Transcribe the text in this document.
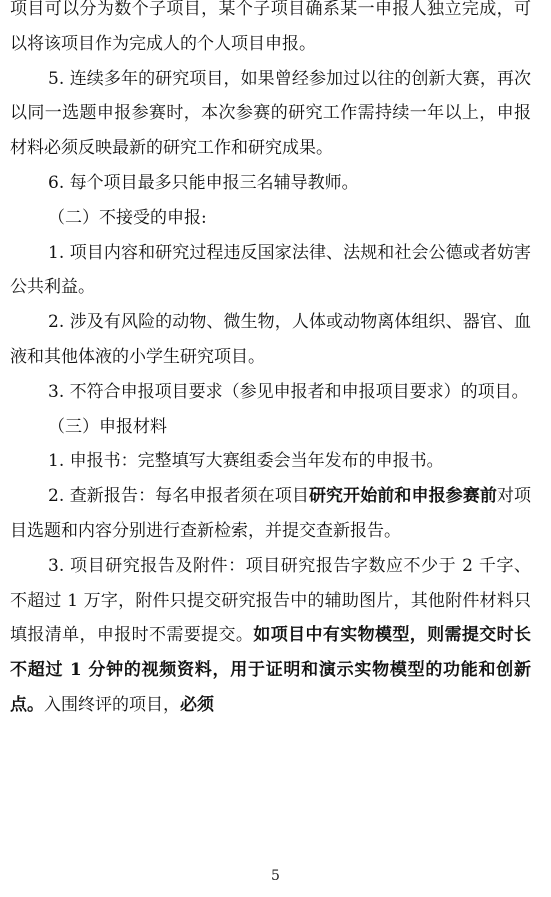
项目可以分为数个子项目，某个子项目确系某一申报人独立完成，可以将该项目作为完成人的个人项目申报。

5. 连续多年的研究项目，如果曾经参加过以往的创新大赛，再次以同一选题申报参赛时，本次参赛的研究工作需持续一年以上，申报材料必须反映最新的研究工作和研究成果。

6. 每个项目最多只能申报三名辅导教师。

（二）不接受的申报:

1. 项目内容和研究过程违反国家法律、法规和社会公德或者妨害公共利益。

2. 涉及有风险的动物、微生物，人体或动物离体组织、器官、血液和其他体液的小学生研究项目。

3. 不符合申报项目要求（参见申报者和申报项目要求）的项目。

（三）申报材料

1. 申报书：完整填写大赛组委会当年发布的申报书。

2. 查新报告：每名申报者须在项目研究开始前和申报参赛前对项目选题和内容分别进行查新检索，并提交查新报告。

3. 项目研究报告及附件：项目研究报告字数应不少于 2 千字、不超过 1 万字，附件只提交研究报告中的辅助图片，其他附件材料只填报清单，申报时不需要提交。如项目中有实物模型，则需提交时长不超过 1 分钟的视频资料，用于证明和演示实物模型的功能和创新点。入围终评的项目，必须

5
